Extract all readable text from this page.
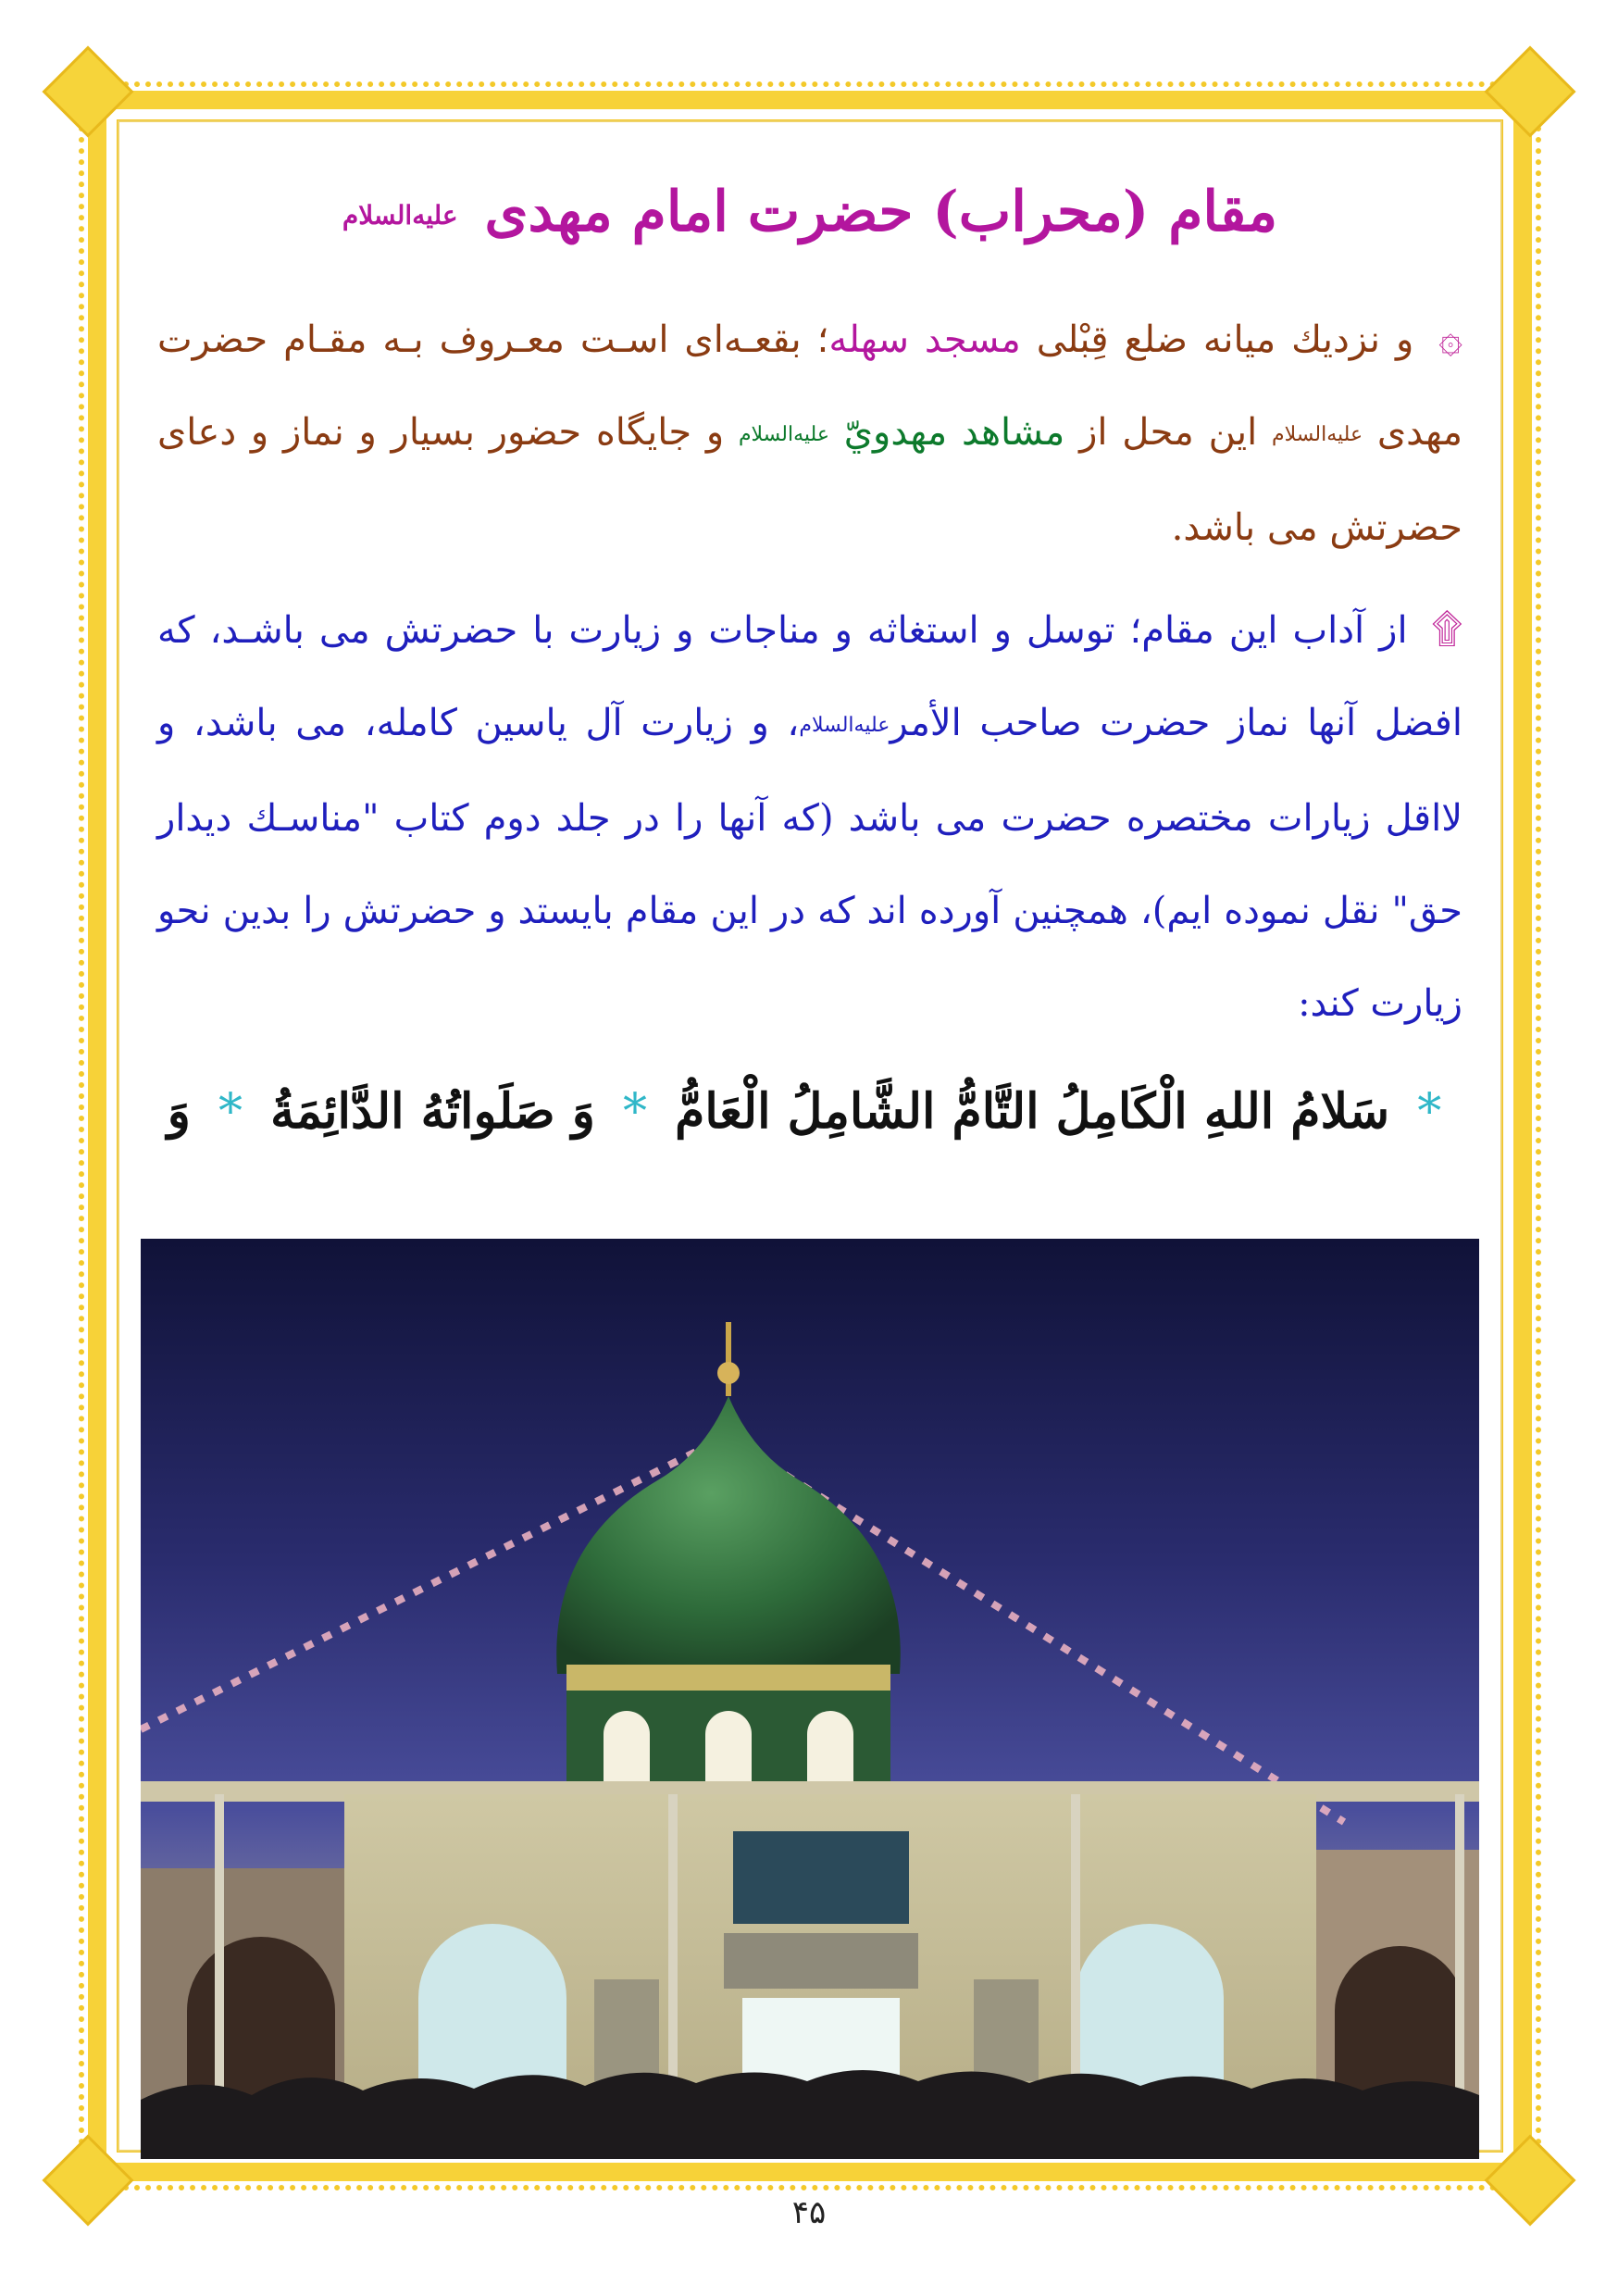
مقام (محراب) حضرت امام مهدی علیه‌السلام

۞ و نزديك ميانه ضلع قِبْلى مسجد سهله؛ بقعـه‌ای اسـت معـروف بـه مقـام حضرت مهدی علیه‌السلام اين محل از مشاهد مهدويّ علیه‌السلام و جايگاه حضور بسيار و نماز و دعای حضرتش می باشد.

۩ از آداب اين مقام؛ توسل و استغاثه و مناجات و زيارت با حضرتش می باشـد، كه افضل آنها نماز حضرت صاحب الأمرعلیه‌السلام، و زيارت آل ياسين كامله، می باشد، و لااقل زيارات مختصره حضرت می باشد (كه آنها را در جلد دوم كتاب "مناسـك ديدار حق" نقل نموده ايم)، همچنين آورده اند كه در اين مقام بايستد و حضرتش را بدين نحو زيارت كند:

* سَلامُ اللهِ الْكَامِلُ التَّامُّ الشَّامِلُ الْعَامُّ * وَ صَلَواتُهُ الدَّائِمَةُ * وَ
۴۵
